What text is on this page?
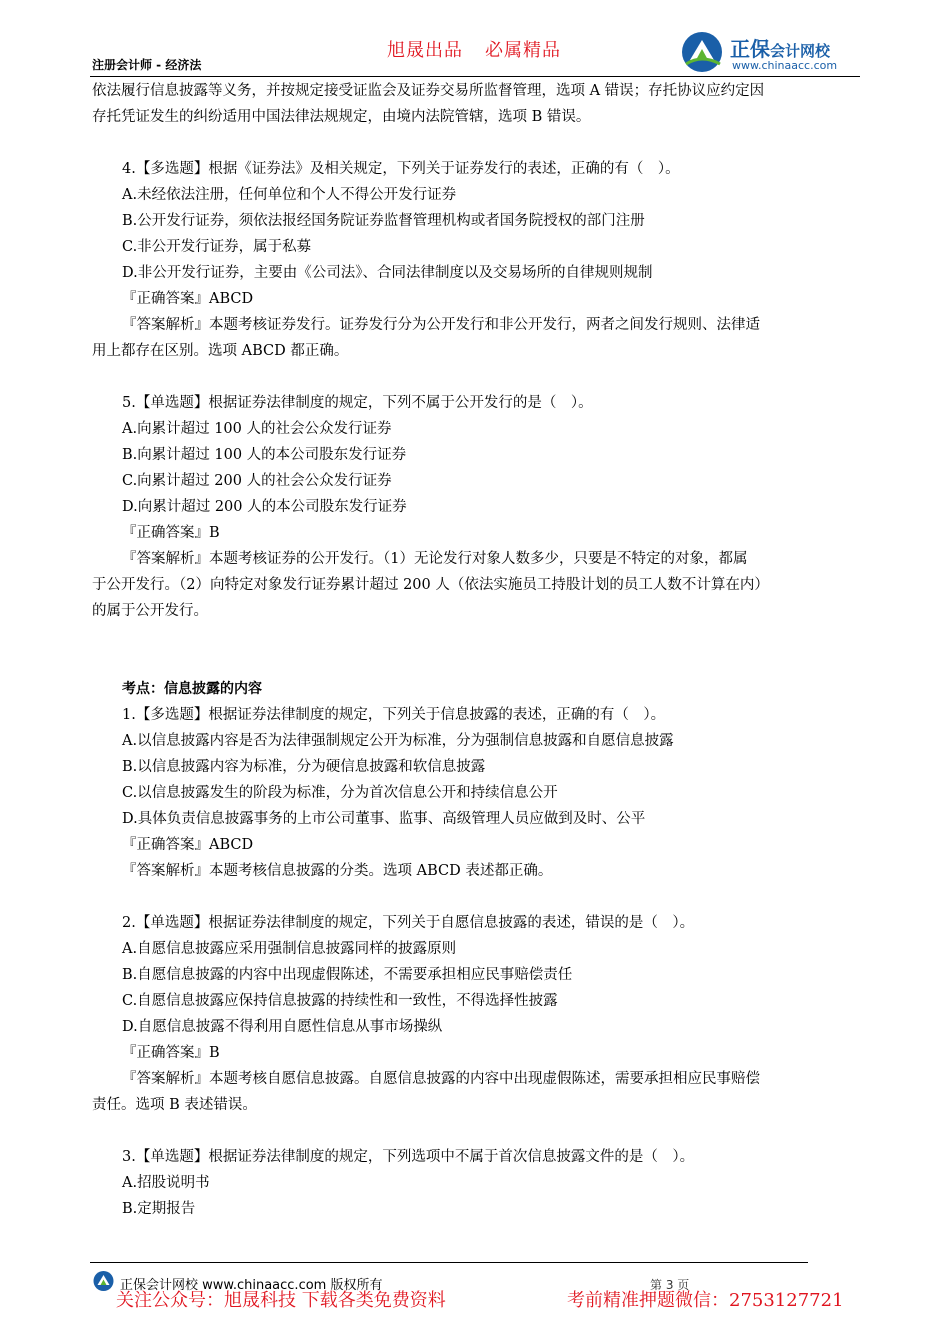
旭晟出品 必属精品
注册会计师 - 经济法
正保会计网校
www.chinaacc.com

依法履行信息披露等义务，并按规定接受证监会及证券交易所监督管理，选项 A 错误；存托协议应约定因

存托凭证发生的纠纷适用中国法律法规规定，由境内法院管辖，选项 B 错误。

4.【多选题】根据《证券法》及相关规定，下列关于证券发行的表述，正确的有（　）。

A.未经依法注册，任何单位和个人不得公开发行证券

B.公开发行证券，须依法报经国务院证券监督管理机构或者国务院授权的部门注册

C.非公开发行证券，属于私募

D.非公开发行证券，主要由《公司法》、合同法律制度以及交易场所的自律规则规制

『正确答案』ABCD

『答案解析』本题考核证券发行。证券发行分为公开发行和非公开发行，两者之间发行规则、法律适

用上都存在区别。选项 ABCD 都正确。

5.【单选题】根据证券法律制度的规定，下列不属于公开发行的是（　）。

A.向累计超过 100 人的社会公众发行证券

B.向累计超过 100 人的本公司股东发行证券

C.向累计超过 200 人的社会公众发行证券

D.向累计超过 200 人的本公司股东发行证券

『正确答案』B

『答案解析』本题考核证券的公开发行。（1）无论发行对象人数多少，只要是不特定的对象，都属

于公开发行。（2）向特定对象发行证券累计超过 200 人（依法实施员工持股计划的员工人数不计算在内）

的属于公开发行。

考点：信息披露的内容

1.【多选题】根据证券法律制度的规定，下列关于信息披露的表述，正确的有（　）。

A.以信息披露内容是否为法律强制规定公开为标准，分为强制信息披露和自愿信息披露

B.以信息披露内容为标准，分为硬信息披露和软信息披露

C.以信息披露发生的阶段为标准，分为首次信息公开和持续信息公开

D.具体负责信息披露事务的上市公司董事、监事、高级管理人员应做到及时、公平

『正确答案』ABCD

『答案解析』本题考核信息披露的分类。选项 ABCD 表述都正确。

2.【单选题】根据证券法律制度的规定，下列关于自愿信息披露的表述，错误的是（　）。

A.自愿信息披露应采用强制信息披露同样的披露原则

B.自愿信息披露的内容中出现虚假陈述，不需要承担相应民事赔偿责任

C.自愿信息披露应保持信息披露的持续性和一致性，不得选择性披露

D.自愿信息披露不得利用自愿性信息从事市场操纵

『正确答案』B

『答案解析』本题考核自愿信息披露。自愿信息披露的内容中出现虚假陈述，需要承担相应民事赔偿

责任。选项 B 表述错误。

3.【单选题】根据证券法律制度的规定，下列选项中不属于首次信息披露文件的是（　）。

A.招股说明书

B.定期报告

正保会计网校 www.chinaacc.com 版权所有	第 3 页
关注公众号：旭晟科技 下载各类免费资料	考前精准押题微信：2753127721
